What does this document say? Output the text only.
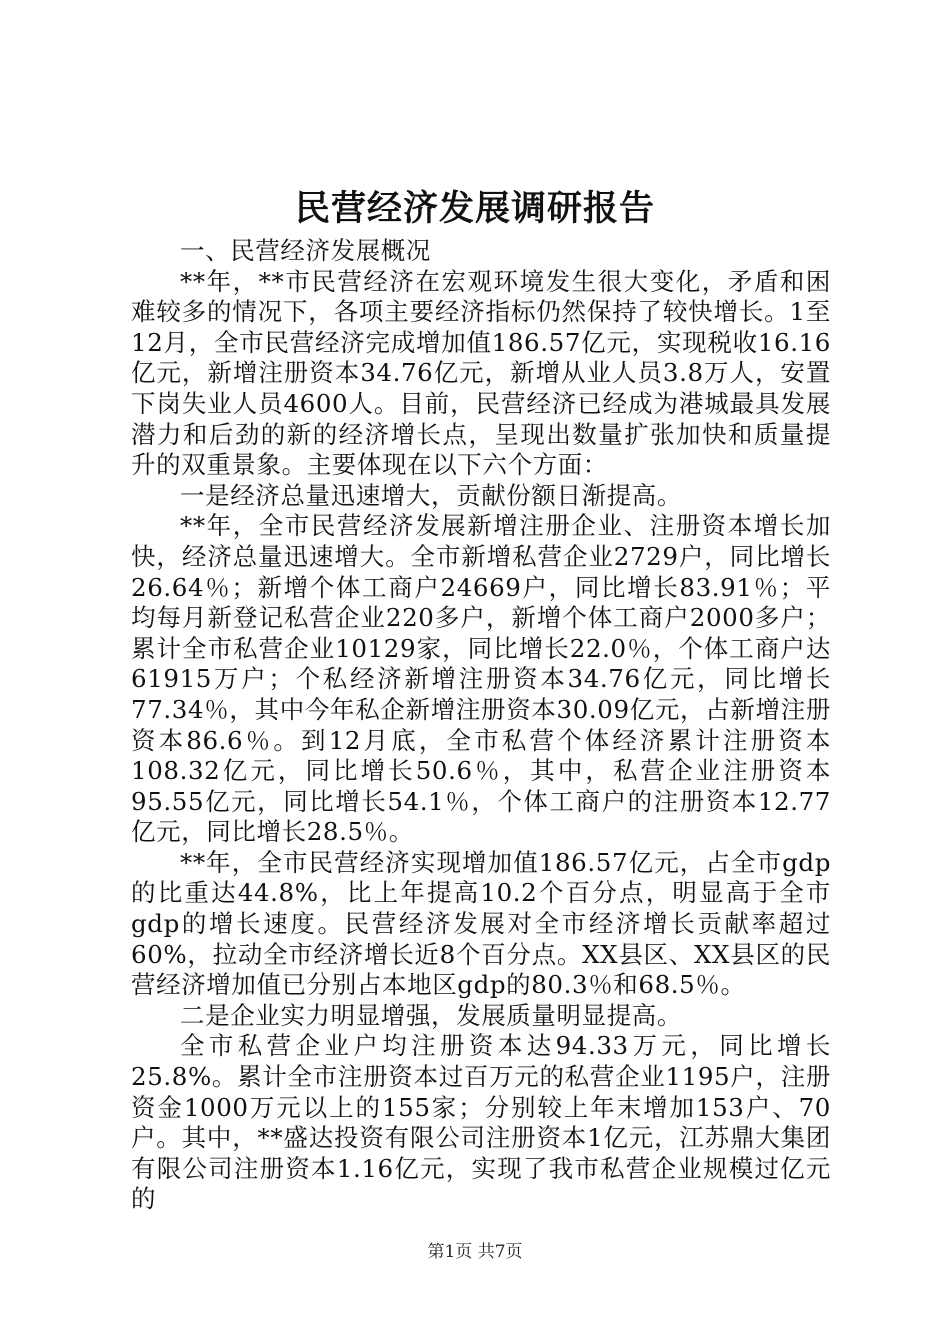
民营经济发展调研报告

一、民营经济发展概况

**年，**市民营经济在宏观环境发生很大变化，矛盾和困难较多的情况下，各项主要经济指标仍然保持了较快增长。1至12月，全市民营经济完成增加值186.57亿元，实现税收16.16亿元，新增注册资本34.76亿元，新增从业人员3.8万人，安置下岗失业人员4600人。目前，民营经济已经成为港城最具发展潜力和后劲的新的经济增长点，呈现出数量扩张加快和质量提升的双重景象。主要体现在以下六个方面：

一是经济总量迅速增大，贡献份额日渐提高。

**年，全市民营经济发展新增注册企业、注册资本增长加快，经济总量迅速增大。全市新增私营企业2729户，同比增长26.64％；新增个体工商户24669户，同比增长83.91％；平均每月新登记私营企业220多户，新增个体工商户2000多户；累计全市私营企业10129家，同比增长22.0％，个体工商户达61915万户；个私经济新增注册资本34.76亿元，同比增长77.34％，其中今年私企新增注册资本30.09亿元，占新增注册资本86.6％。到12月底，全市私营个体经济累计注册资本108.32亿元，同比增长50.6％，其中，私营企业注册资本95.55亿元，同比增长54.1％，个体工商户的注册资本12.77亿元，同比增长28.5％。

**年，全市民营经济实现增加值186.57亿元，占全市gdp的比重达44.8%，比上年提高10.2个百分点，明显高于全市gdp的增长速度。民营经济发展对全市经济增长贡献率超过60%，拉动全市经济增长近8个百分点。XX县区、XX县区的民营经济增加值已分别占本地区gdp的80.3％和68.5％。

二是企业实力明显增强，发展质量明显提高。

全市私营企业户均注册资本达94.33万元，同比增长25.8%。累计全市注册资本过百万元的私营企业1195户，注册资金1000万元以上的155家；分别较上年末增加153户、70户。其中，**盛达投资有限公司注册资本1亿元，江苏鼎大集团有限公司注册资本1.16亿元，实现了我市私营企业规模过亿元的

第1页 共7页
